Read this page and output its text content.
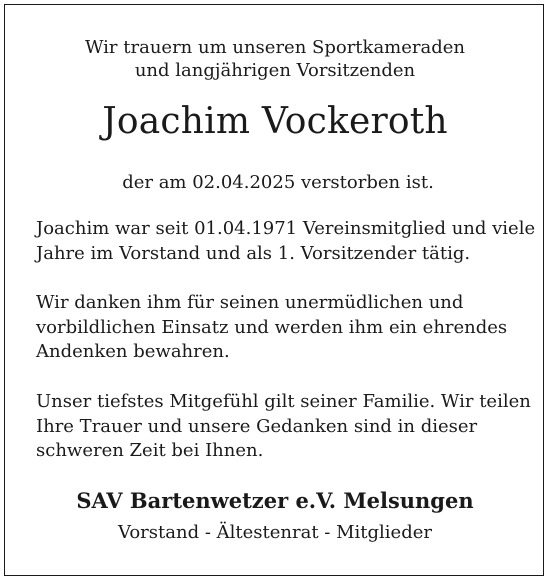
Wir trauern um unseren Sportkameraden
und langjährigen Vorsitzenden
Joachim Vockeroth
der am 02.04.2025 verstorben ist.
Joachim war seit 01.04.1971 Vereinsmitglied und viele
Jahre im Vorstand und als 1. Vorsitzender tätig.
Wir danken ihm für seinen unermüdlichen und
vorbildlichen Einsatz und werden ihm ein ehrendes
Andenken bewahren.
Unser tiefstes Mitgefühl gilt seiner Familie. Wir teilen
Ihre Trauer und unsere Gedanken sind in dieser
schweren Zeit bei Ihnen.
SAV Bartenwetzer e.V. Melsungen
Vorstand - Ältestenrat - Mitglieder
